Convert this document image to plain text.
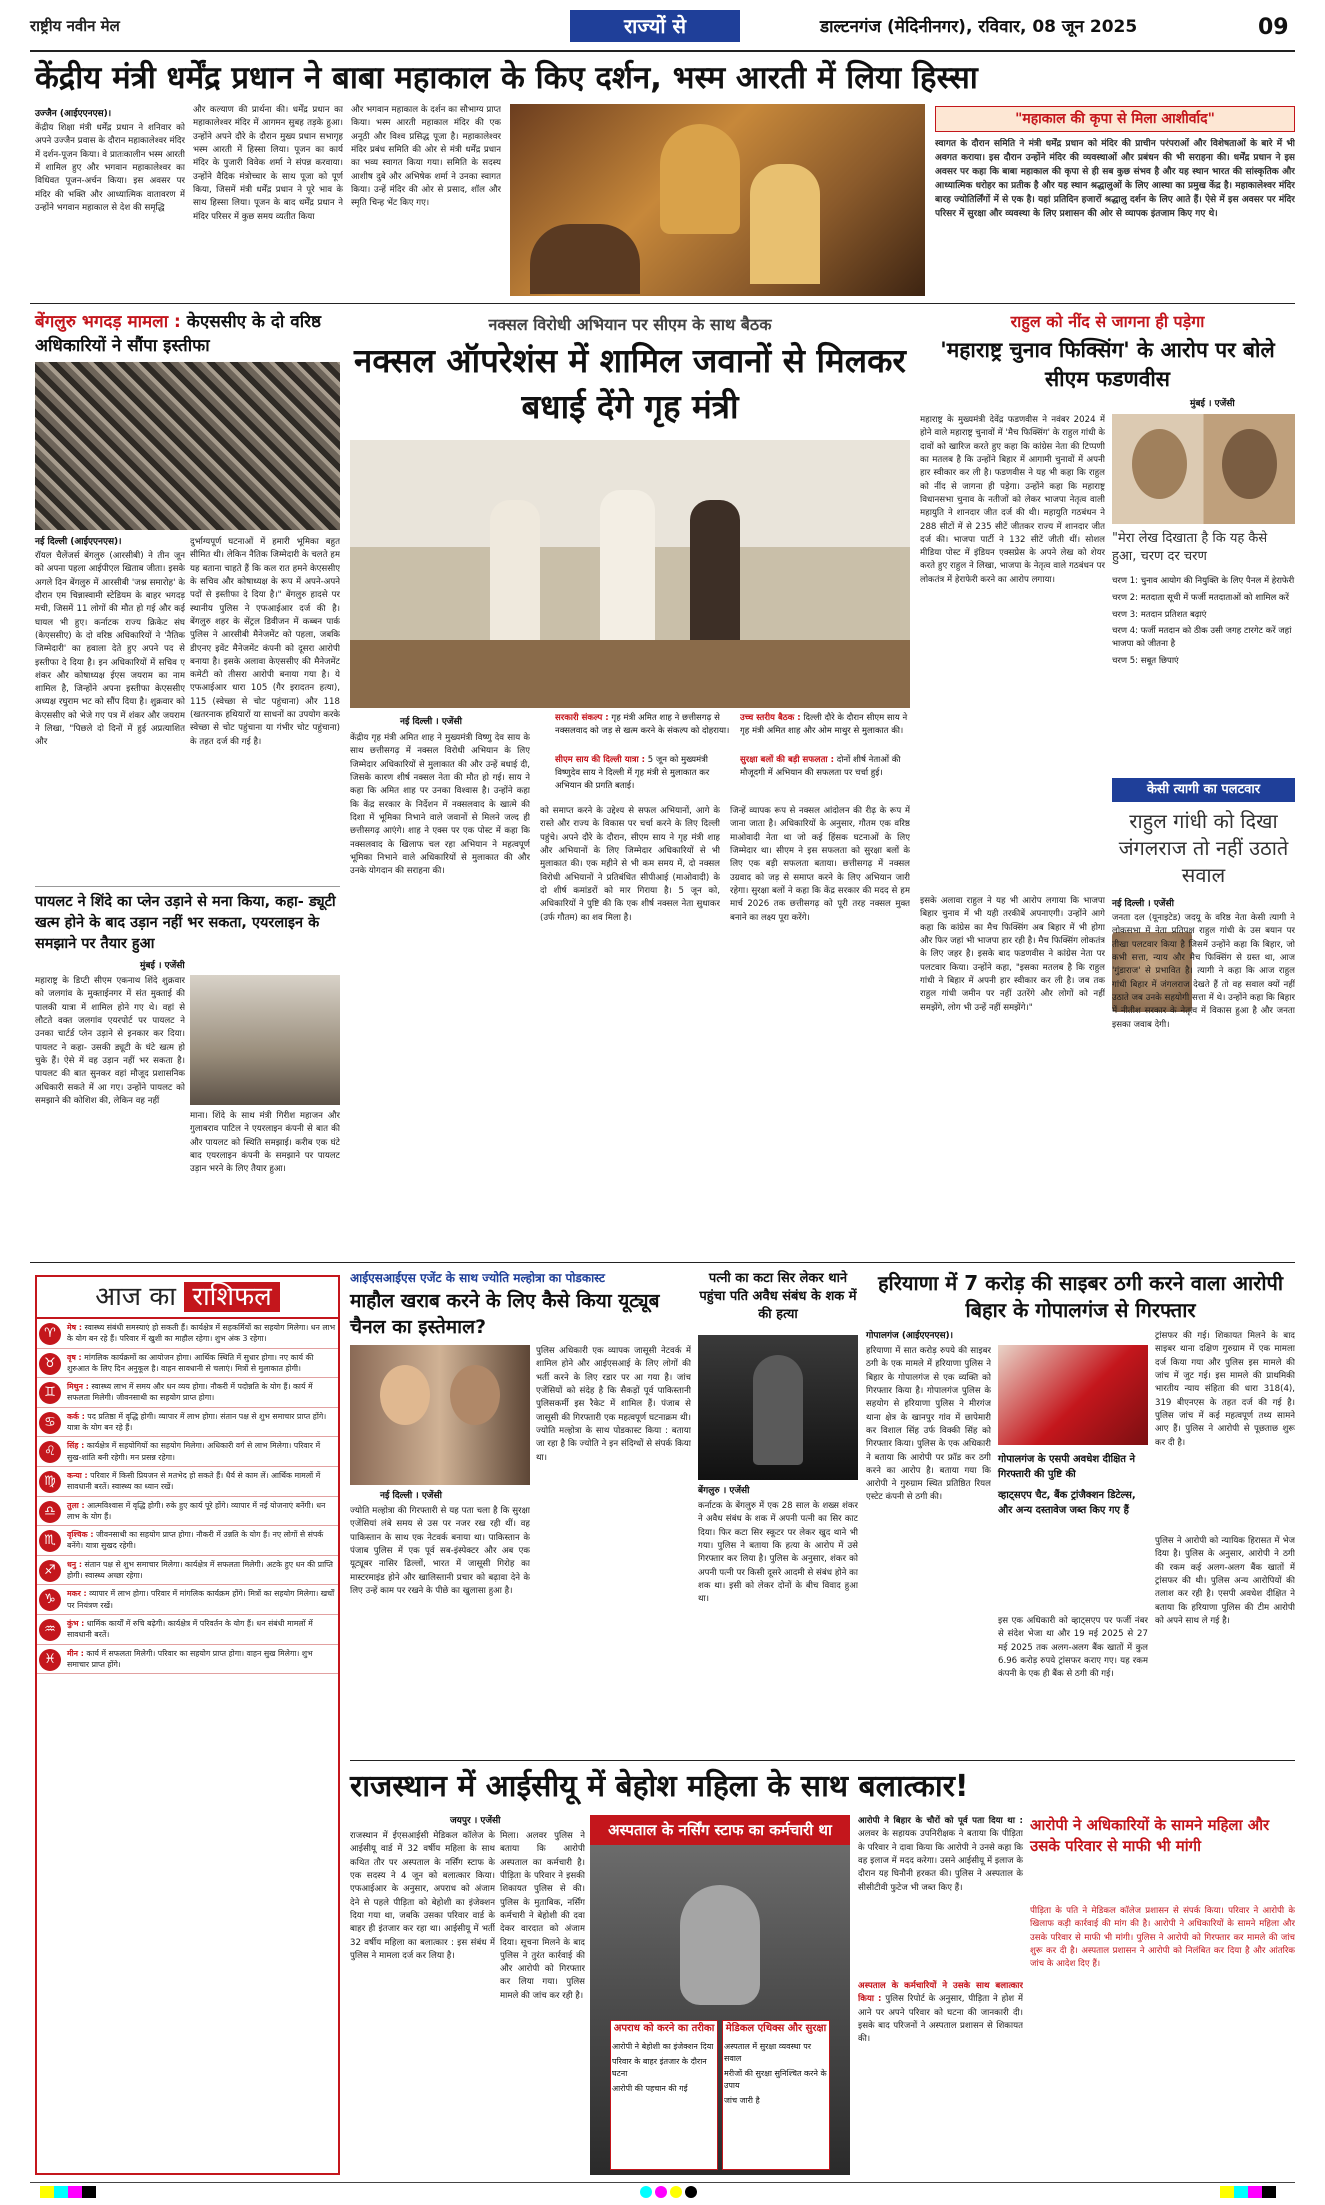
राष्ट्रीय नवीन मेल	राज्यों से	डाल्टनगंज (मेदिनीनगर), रविवार, 08 जून 2025	09
केंद्रीय मंत्री धर्मेंद्र प्रधान ने बाबा महाकाल के किए दर्शन, भस्म आरती में लिया हिस्सा
उज्जैन (आईएएनएस)।
केंद्रीय शिक्षा मंत्री धर्मेंद्र प्रधान ने शनिवार को अपने उज्जैन प्रवास के दौरान महाकालेश्वर मंदिर में दर्शन-पूजन किया। वे प्रातःकालीन भस्म आरती में शामिल हुए और भगवान महाकालेश्वर का विधिवत पूजन-अर्चन किया। इस अवसर पर मंदिर की भक्ति और आध्यात्मिक वातावरण में उन्होंने भगवान महाकाल से देश की समृद्धि
और कल्याण की प्रार्थना की। धर्मेंद्र प्रधान का महाकालेश्वर मंदिर में आगमन सुबह तड़के हुआ। उन्होंने अपने दौरे के दौरान मुख्य प्रधान सभागृह भस्म आरती में हिस्सा लिया। पूजन का कार्य मंदिर के पुजारी विवेक शर्मा ने संपन्न करवाया। उन्होंने वैदिक मंत्रोच्चार के साथ पूजा को पूर्ण किया, जिसमें मंत्री धर्मेंद्र प्रधान ने पूरे भाव के साथ हिस्सा लिया। पूजन के बाद धर्मेंद्र प्रधान ने मंदिर परिसर में कुछ समय व्यतीत किया
और भगवान महाकाल के दर्शन का सौभाग्य प्राप्त किया। भस्म आरती महाकाल मंदिर की एक अनूठी और विश्व प्रसिद्ध पूजा है। महाकालेश्वर मंदिर प्रबंध समिति की ओर से मंत्री धर्मेंद्र प्रधान का भव्य स्वागत किया गया। समिति के सदस्य आशीष दुबे और अभिषेक शर्मा ने उनका स्वागत किया। उन्हें मंदिर की ओर से प्रसाद, शॉल और स्मृति चिन्ह भेंट किए गए।
"महाकाल की कृपा से मिला आशीर्वाद"
स्वागत के दौरान समिति ने मंत्री धर्मेंद्र प्रधान को मंदिर की प्राचीन परंपराओं और विशेषताओं के बारे में भी अवगत कराया। इस दौरान उन्होंने मंदिर की व्यवस्थाओं और प्रबंधन की भी सराहना की। धर्मेंद्र प्रधान ने इस अवसर पर कहा कि बाबा महाकाल की कृपा से ही सब कुछ संभव है और यह स्थान भारत की सांस्कृतिक और आध्यात्मिक धरोहर का प्रतीक है और यह स्थान श्रद्धालुओं के लिए आस्था का प्रमुख केंद्र है। महाकालेश्वर मंदिर बारह ज्योतिर्लिंगों में से एक है। यहां प्रतिदिन हजारों श्रद्धालु दर्शन के लिए आते हैं। ऐसे में इस अवसर पर मंदिर परिसर में सुरक्षा और व्यवस्था के लिए प्रशासन की ओर से व्यापक इंतजाम किए गए थे।
बेंगलुरु भगदड़ मामला : केएससीए के दो वरिष्ठ अधिकारियों ने सौंपा इस्तीफा
नई दिल्ली (आईएएनएस)।
रॉयल चैलेंजर्स बेंगलुरु (आरसीबी) ने तीन जून को अपना पहला आईपीएल खिताब जीता। इसके अगले दिन बेंगलुरु में आरसीबी 'जश्न समारोह' के दौरान एम चिन्नास्वामी स्टेडियम के बाहर भगदड़ मची, जिसमें 11 लोगों की मौत हो गई और कई घायल भी हुए। कर्नाटक राज्य क्रिकेट संघ (केएससीए) के दो वरिष्ठ अधिकारियों ने 'नैतिक जिम्मेदारी' का हवाला देते हुए अपने पद से इस्तीफा दे दिया है। इन अधिकारियों में सचिव ए शंकर और कोषाध्यक्ष ईएस जयराम का नाम शामिल है, जिन्होंने अपना इस्तीफा केएससीए अध्यक्ष रघुराम भट को सौंप दिया है। शुक्रवार को केएससीए को भेजे गए पत्र में शंकर और जयराम ने लिखा, "पिछले दो दिनों में हुई अप्रत्याशित और
दुर्भाग्यपूर्ण घटनाओं में हमारी भूमिका बहुत सीमित थी। लेकिन नैतिक जिम्मेदारी के चलते हम यह बताना चाहते हैं कि कल रात हमने केएससीए के सचिव और कोषाध्यक्ष के रूप में अपने-अपने पदों से इस्तीफा दे दिया है।" बेंगलुरु हादसे पर स्थानीय पुलिस ने एफआईआर दर्ज की है। बेंगलुरु शहर के सेंट्रल डिवीजन में कब्बन पार्क पुलिस ने आरसीबी मैनेजमेंट को पहला, जबकि डीएनए इवेंट मैनेजमेंट कंपनी को दूसरा आरोपी बनाया है। इसके अलावा केएससीए की मैनेजमेंट कमेटी को तीसरा आरोपी बनाया गया है। ये एफआईआर धारा 105 (गैर इरादतन हत्या), 115 (स्वेच्छा से चोट पहुंचाना) और 118 (खतरनाक हथियारों या साधनों का उपयोग करके स्वेच्छा से चोट पहुंचाना या गंभीर चोट पहुंचाना) के तहत दर्ज की गई है।
पायलट ने शिंदे का प्लेन उड़ाने से मना किया, कहा- ड्यूटी खत्म होने के बाद उड़ान नहीं भर सकता, एयरलाइन के समझाने पर तैयार हुआ
मुंबई । एजेंसी
महाराष्ट्र के डिप्टी सीएम एकनाथ शिंदे शुक्रवार को जलगांव के मुक्ताईनगर में संत मुक्ताई की पालकी यात्रा में शामिल होने गए थे। वहां से लौटते वक्त जलगांव एयरपोर्ट पर पायलट ने उनका चार्टर्ड प्लेन उड़ाने से इनकार कर दिया। पायलट ने कहा- उसकी ड्यूटी के घंटे खत्म हो चुके हैं। ऐसे में वह उड़ान नहीं भर सकता है। पायलट की बात सुनकर वहां मौजूद प्रशासनिक अधिकारी सकते में आ गए। उन्होंने पायलट को समझाने की कोशिश की, लेकिन वह नहीं
माना। शिंदे के साथ मंत्री गिरीश महाजन और गुलाबराव पाटिल ने एयरलाइन कंपनी से बात की और पायलट को स्थिति समझाई। करीब एक घंटे बाद एयरलाइन कंपनी के समझाने पर पायलट उड़ान भरने के लिए तैयार हुआ।
नक्सल विरोधी अभियान पर सीएम के साथ बैठक
नक्सल ऑपरेशंस में शामिल जवानों से मिलकर बधाई देंगे गृह मंत्री
नई दिल्ली । एजेंसी	सरकारी संकल्प : गृह मंत्री अमित शाह ने छत्तीसगढ़ से नक्सलवाद को जड़ से खत्म करने के संकल्प को दोहराया।
सीएम साय की दिल्ली यात्रा : 5 जून को मुख्यमंत्री विष्णुदेव साय ने दिल्ली में गृह मंत्री से मुलाकात कर अभियान की प्रगति बताई।
उच्च स्तरीय बैठक : दिल्ली दौरे के दौरान सीएम साय ने गृह मंत्री अमित शाह और ओम माथुर से मुलाकात की।
सुरक्षा बलों की बड़ी सफलता : दोनों शीर्ष नेताओं की मौजूदगी में अभियान की सफलता पर चर्चा हुई।
केंद्रीय गृह मंत्री अमित शाह ने मुख्यमंत्री विष्णु देव साय के साथ छत्तीसगढ़ में नक्सल विरोधी अभियान के लिए जिम्मेदार अधिकारियों से मुलाकात की और उन्हें बधाई दी, जिसके कारण शीर्ष नक्सल नेता की मौत हो गई। साय ने कहा कि अमित शाह पर उनका विश्वास है। उन्होंने कहा कि केंद्र सरकार के निर्देशन में नक्सलवाद के खात्मे की दिशा में भूमिका निभाने वाले जवानों से मिलने जल्द ही छत्तीसगढ़ आएंगे। शाह ने एक्स पर एक पोस्ट में कहा कि नक्सलवाद के खिलाफ चल रहा अभियान ने महत्वपूर्ण भूमिका निभाने वाले अधिकारियों से मुलाकात की और उनके योगदान की सराहना की।
को समाप्त करने के उद्देश्य से सफल अभियानों, आगे के रास्ते और राज्य के विकास पर चर्चा करने के लिए दिल्ली पहुंचे। अपने दौरे के दौरान, सीएम साय ने गृह मंत्री शाह और अभियानों के लिए जिम्मेदार अधिकारियों से भी मुलाकात की। एक महीने से भी कम समय में, दो नक्सल विरोधी अभियानों ने प्रतिबंधित सीपीआई (माओवादी) के दो शीर्ष कमांडरों को मार गिराया है। 5 जून को, अधिकारियों ने पुष्टि की कि एक शीर्ष नक्सल नेता सुधाकर (उर्फ गौतम) का शव मिला है।
जिन्हें व्यापक रूप से नक्सल आंदोलन की रीढ़ के रूप में जाना जाता है। अधिकारियों के अनुसार, गौतम एक वरिष्ठ माओवादी नेता था जो कई हिंसक घटनाओं के लिए जिम्मेदार था। सीएम ने इस सफलता को सुरक्षा बलों के लिए एक बड़ी सफलता बताया। छत्तीसगढ़ में नक्सल उग्रवाद को जड़ से समाप्त करने के लिए अभियान जारी रहेगा। सुरक्षा बलों ने कहा कि केंद्र सरकार की मदद से हम मार्च 2026 तक छत्तीसगढ़ को पूरी तरह नक्सल मुक्त बनाने का लक्ष्य पूरा करेंगे।
राहुल को नींद से जागना ही पड़ेगा
'महाराष्ट्र चुनाव फिक्सिंग' के आरोप पर बोले सीएम फडणवीस
मुंबई । एजेंसी
महाराष्ट्र के मुख्यमंत्री देवेंद्र फडणवीस ने नवंबर 2024 में होने वाले महाराष्ट्र चुनावों में 'मैच फिक्सिंग' के राहुल गांधी के दावों को खारिज करते हुए कहा कि कांग्रेस नेता की टिप्पणी का मतलब है कि उन्होंने बिहार में आगामी चुनावों में अपनी हार स्वीकार कर ली है। फडणवीस ने यह भी कहा कि राहुल को नींद से जागना ही पड़ेगा। उन्होंने कहा कि महाराष्ट्र विधानसभा चुनाव के नतीजों को लेकर भाजपा नेतृत्व वाली महायुति ने शानदार जीत दर्ज की थी। महायुति गठबंधन ने 288 सीटों में से 235 सीटें जीतकर राज्य में शानदार जीत दर्ज की। भाजपा पार्टी ने 132 सीटें जीती थीं। सोशल मीडिया पोस्ट में इंडियन एक्सप्रेस के अपने लेख को शेयर करते हुए राहुल ने लिखा, भाजपा के नेतृत्व वाले गठबंधन पर लोकतंत्र में हेराफेरी करने का आरोप लगाया।
"मेरा लेख दिखाता है कि यह कैसे हुआ, चरण दर चरण
चरण 1: चुनाव आयोग की नियुक्ति के लिए पैनल में हेराफेरी
चरण 2: मतदाता सूची में फर्जी मतदाताओं को शामिल करें
चरण 3: मतदान प्रतिशत बढ़ाएं
चरण 4: फर्जी मतदान को ठीक उसी जगह टारगेट करें जहां भाजपा को जीतना है
चरण 5: सबूत छिपाएं
इसके अलावा राहुल ने यह भी आरोप लगाया कि भाजपा बिहार चुनाव में भी यही तरकीबें अपनाएगी। उन्होंने आगे कहा कि कांग्रेस का मैच फिक्सिंग अब बिहार में भी होगा और फिर जहां भी भाजपा हार रही है। मैच फिक्सिंग लोकतंत्र के लिए जहर है। इसके बाद फडणवीस ने कांग्रेस नेता पर पलटवार किया। उन्होंने कहा, "इसका मतलब है कि राहुल गांधी ने बिहार में अपनी हार स्वीकार कर ली है। जब तक राहुल गांधी जमीन पर नहीं उतरेंगे और लोगों को नहीं समझेंगे, लोग भी उन्हें नहीं समझेंगे।"
केसी त्यागी का पलटवार
राहुल गांधी को दिखा जंगलराज तो नहीं उठाते सवाल
नई दिल्ली । एजेंसी
जनता दल (यूनाइटेड) जदयू के वरिष्ठ नेता केसी त्यागी ने लोकसभा में नेता प्रतिपक्ष राहुल गांधी के उस बयान पर तीखा पलटवार किया है जिसमें उन्होंने कहा कि बिहार, जो कभी सत्ता, न्याय और मैच फिक्सिंग से ग्रस्त था, आज 'गुंडाराज' से प्रभावित है। त्यागी ने कहा कि आज राहुल गांधी बिहार में जंगलराज देखते हैं तो वह सवाल क्यों नहीं उठाते जब उनके सहयोगी सत्ता में थे। उन्होंने कहा कि बिहार में नीतीश सरकार के नेतृत्व में विकास हुआ है और जनता इसका जवाब देगी।
आज का राशिफल
♈	मेष : स्वास्थ्य संबंधी समस्याएं हो सकती हैं। कार्यक्षेत्र में सहकर्मियों का सहयोग मिलेगा। धन लाभ के योग बन रहे हैं। परिवार में खुशी का माहौल रहेगा। शुभ अंक 3 रहेगा।
♉	वृष : मांगलिक कार्यक्रमों का आयोजन होगा। आर्थिक स्थिति में सुधार होगा। नए कार्य की शुरुआत के लिए दिन अनुकूल है। वाहन सावधानी से चलाएं। मित्रों से मुलाकात होगी।
♊	मिथुन : स्वास्थ्य लाभ में समय और धन व्यय होगा। नौकरी में पदोन्नति के योग हैं। कार्य में सफलता मिलेगी। जीवनसाथी का सहयोग प्राप्त होगा।
♋	कर्क : पद प्रतिष्ठा में वृद्धि होगी। व्यापार में लाभ होगा। संतान पक्ष से शुभ समाचार प्राप्त होंगे। यात्रा के योग बन रहे हैं।
♌	सिंह : कार्यक्षेत्र में सहयोगियों का सहयोग मिलेगा। अधिकारी वर्ग से लाभ मिलेगा। परिवार में सुख-शांति बनी रहेगी। मन प्रसन्न रहेगा।
♍	कन्या : परिवार में किसी प्रियजन से मतभेद हो सकते हैं। धैर्य से काम लें। आर्थिक मामलों में सावधानी बरतें। स्वास्थ्य का ध्यान रखें।
♎	तुला : आत्मविश्वास में वृद्धि होगी। रुके हुए कार्य पूरे होंगे। व्यापार में नई योजनाएं बनेंगी। धन लाभ के योग हैं।
♏	वृश्चिक : जीवनसाथी का सहयोग प्राप्त होगा। नौकरी में उन्नति के योग हैं। नए लोगों से संपर्क बनेंगे। यात्रा सुखद रहेगी।
♐	धनु : संतान पक्ष से शुभ समाचार मिलेगा। कार्यक्षेत्र में सफलता मिलेगी। अटके हुए धन की प्राप्ति होगी। स्वास्थ्य अच्छा रहेगा।
♑	मकर : व्यापार में लाभ होगा। परिवार में मांगलिक कार्यक्रम होंगे। मित्रों का सहयोग मिलेगा। खर्चों पर नियंत्रण रखें।
♒	कुंभ : धार्मिक कार्यों में रुचि बढ़ेगी। कार्यक्षेत्र में परिवर्तन के योग हैं। धन संबंधी मामलों में सावधानी बरतें।
♓	मीन : कार्य में सफलता मिलेगी। परिवार का सहयोग प्राप्त होगा। वाहन सुख मिलेगा। शुभ समाचार प्राप्त होंगे।
आईएसआईएस एजेंट के साथ ज्योति मल्होत्रा का पोडकास्ट
माहौल खराब करने के लिए कैसे किया यूट्यूब चैनल का इस्तेमाल?
नई दिल्ली । एजेंसी
ज्योति मल्होत्रा की गिरफ्तारी से यह पता चला है कि सुरक्षा एजेंसियां लंबे समय से उस पर नजर रख रही थीं। वह पाकिस्तान के साथ एक नेटवर्क बनाया था। पाकिस्तान के पंजाब पुलिस में एक पूर्व सब-इंस्पेक्टर और अब एक यूट्यूबर नासिर ढिल्लों, भारत में जासूसी गिरोह का मास्टरमाइंड होने और खालिस्तानी प्रचार को बढ़ावा देने के लिए उन्हें काम पर रखने के पीछे का खुलासा हुआ है।
पुलिस अधिकारी एक व्यापक जासूसी नेटवर्क में शामिल होने और आईएसआई के लिए लोगों की भर्ती करने के लिए रडार पर आ गया है। जांच एजेंसियों को संदेह है कि सैकड़ों पूर्व पाकिस्तानी पुलिसकर्मी इस रैकेट में शामिल हैं। पंजाब से जासूसी की गिरफ्तारी एक महत्वपूर्ण घटनाक्रम थी। ज्योति मल्होत्रा के साथ पोडकास्ट किया : बताया जा रहा है कि ज्योति ने इन संदिग्धों से संपर्क किया था।
पत्नी का कटा सिर लेकर थाने पहुंचा पति अवैध संबंध के शक में की हत्या
बेंगलुरु । एजेंसी
कर्नाटक के बेंगलुरु में एक 28 साल के शख्स शंकर ने अवैध संबंध के शक में अपनी पत्नी का सिर काट दिया। फिर कटा सिर स्कूटर पर लेकर खुद थाने भी गया। पुलिस ने बताया कि हत्या के आरोप में उसे गिरफ्तार कर लिया है। पुलिस के अनुसार, शंकर को अपनी पत्नी पर किसी दूसरे आदमी से संबंध होने का शक था। इसी को लेकर दोनों के बीच विवाद हुआ था।
हरियाणा में 7 करोड़ की साइबर ठगी करने वाला आरोपी बिहार के गोपालगंज से गिरफ्तार
गोपालगंज (आईएएनएस)।
हरियाणा में सात करोड़ रुपये की साइबर ठगी के एक मामले में हरियाणा पुलिस ने बिहार के गोपालगंज से एक व्यक्ति को गिरफ्तार किया है। गोपालगंज पुलिस के सहयोग से हरियाणा पुलिस ने मीरगंज थाना क्षेत्र के खानपुर गांव में छापेमारी कर विशाल सिंह उर्फ विक्की सिंह को गिरफ्तार किया। पुलिस के एक अधिकारी ने बताया कि आरोपी पर फ्रॉड कर ठगी करने का आरोप है। बताया गया कि आरोपी ने गुरुग्राम स्थित प्रतिष्ठित रियल एस्टेट कंपनी से ठगी की।
गोपालगंज के एसपी अवधेश दीक्षित ने गिरफ्तारी की पुष्टि की
व्हाट्सएप चैट, बैंक ट्रांजैक्शन डिटेल्स, और अन्य दस्तावेज जब्त किए गए हैं
ट्रांसफर की गई। शिकायत मिलने के बाद साइबर थाना दक्षिण गुरुग्राम में एक मामला दर्ज किया गया और पुलिस इस मामले की जांच में जुट गई। इस मामले की प्राथमिकी भारतीय न्याय संहिता की धारा 318(4), 319 बीएनएस के तहत दर्ज की गई है। पुलिस जांच में कई महत्वपूर्ण तथ्य सामने आए हैं। पुलिस ने आरोपी से पूछताछ शुरू कर दी है।
पुलिस ने आरोपी को न्यायिक हिरासत में भेज दिया है। पुलिस के अनुसार, आरोपी ने ठगी की रकम कई अलग-अलग बैंक खातों में ट्रांसफर की थी। पुलिस अन्य आरोपियों की तलाश कर रही है। एसपी अवधेश दीक्षित ने बताया कि हरियाणा पुलिस की टीम आरोपी को अपने साथ ले गई है।
इस एक अधिकारी को व्हाट्सएप पर फर्जी नंबर से संदेश भेजा था और 19 मई 2025 से 27 मई 2025 तक अलग-अलग बैंक खातों में कुल 6.96 करोड़ रुपये ट्रांसफर कराए गए। यह रकम कंपनी के एक ही बैंक से ठगी की गई।
राजस्थान में आईसीयू में बेहोश महिला के साथ बलात्कार!
जयपुर । एजेंसी
राजस्थान में ईएसआईसी मेडिकल कॉलेज के आईसीयू वार्ड में 32 वर्षीय महिला के साथ कथित तौर पर अस्पताल के नर्सिंग स्टाफ के एक सदस्य ने 4 जून को बलात्कार किया। एफआईआर के अनुसार, अपराध को अंजाम देने से पहले पीड़िता को बेहोशी का इंजेक्शन दिया गया था, जबकि उसका परिवार वार्ड के बाहर ही इंतजार कर रहा था। आईसीयू में भर्ती 32 वर्षीय महिला का बलात्कार : इस संबंध में पुलिस ने मामला दर्ज कर लिया है।
मिला। अलवर पुलिस ने बताया कि आरोपी अस्पताल का कर्मचारी है। पीड़िता के परिवार ने इसकी शिकायत पुलिस से की। पुलिस के मुताबिक, नर्सिंग कर्मचारी ने बेहोशी की दवा देकर वारदात को अंजाम दिया। सूचना मिलने के बाद पुलिस ने तुरंत कार्रवाई की और आरोपी को गिरफ्तार कर लिया गया। पुलिस मामले की जांच कर रही है।
अस्पताल के नर्सिंग स्टाफ का कर्मचारी था
अपराध को करने का तरीका
आरोपी ने बेहोशी का इंजेक्शन दिया
परिवार के बाहर इंतजार के दौरान घटना
आरोपी की पहचान की गई
मेडिकल एथिक्स और सुरक्षा
अस्पताल में सुरक्षा व्यवस्था पर सवाल
मरीजों की सुरक्षा सुनिश्चित करने के उपाय
जांच जारी है
आरोपी ने बिहार के चौरों को पूर्व पता दिया था : अलवर के सहायक उपनिरीक्षक ने बताया कि पीड़िता के परिवार ने दावा किया कि आरोपी ने उनसे कहा कि वह इलाज में मदद करेगा। उसने आईसीयू में इलाज के दौरान यह घिनौनी हरकत की। पुलिस ने अस्पताल के सीसीटीवी फुटेज भी जब्त किए हैं।
अस्पताल के कर्मचारियों ने उसके साथ बलात्कार किया : पुलिस रिपोर्ट के अनुसार, पीड़िता ने होश में आने पर अपने परिवार को घटना की जानकारी दी। इसके बाद परिजनों ने अस्पताल प्रशासन से शिकायत की।
आरोपी ने अधिकारियों के सामने महिला और उसके परिवार से माफी भी मांगी
पीड़िता के पति ने मेडिकल कॉलेज प्रशासन से संपर्क किया। परिवार ने आरोपी के खिलाफ कड़ी कार्रवाई की मांग की है। आरोपी ने अधिकारियों के सामने महिला और उसके परिवार से माफी भी मांगी। पुलिस ने आरोपी को गिरफ्तार कर मामले की जांच शुरू कर दी है। अस्पताल प्रशासन ने आरोपी को निलंबित कर दिया है और आंतरिक जांच के आदेश दिए हैं।
